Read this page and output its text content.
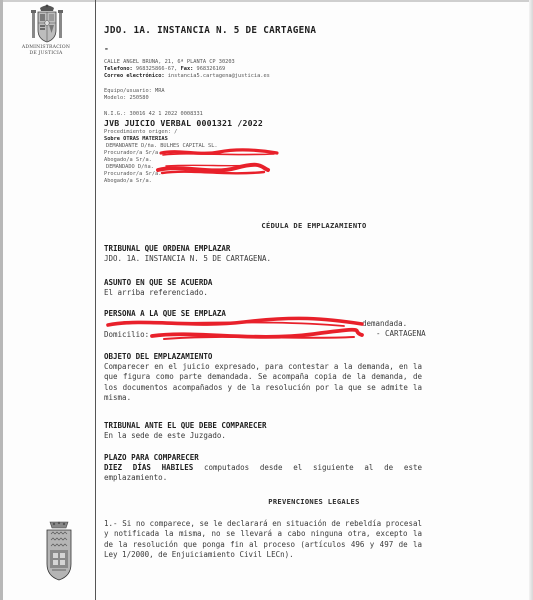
ADMINISTRACION
DE JUSTICIA
JDO. 1A. INSTANCIA N. 5 DE CARTAGENA
-
CALLE ANGEL BRUNA, 21, 6ª PLANTA CP 30203
Telefono: 968325866-67, Fax: 968326169
Correo electrónico: instancia5.cartagena@justicia.es
Equipo/usuario: MRA
Modelo: 250580
N.I.G.: 30016 42 1 2022 0008331
JVB JUICIO VERBAL 0001321 /2022
Procedimiento origen: /
Sobre OTRAS MATERIAS
DEMANDANTE D/ña. BULHES CAPITAL SL.
Procurador/a Sr/a.
Abogado/a Sr/a.
DEMANDADO D/ña.
Procurador/a Sr/a.
Abogado/a Sr/a.
CÉDULA DE EMPLAZAMIENTO
TRIBUNAL QUE ORDENA EMPLAZAR
JDO. 1A. INSTANCIA N. 5 DE CARTAGENA.
ASUNTO EN QUE SE ACUERDA
El arriba referenciado.
PERSONA A LA QUE SE EMPLAZA
demandada.
Domicilio:	- CARTAGENA
OBJETO DEL EMPLAZAMIENTO
Comparecer en el juicio expresado, para contestar a la demanda, en la que figura como parte demandada. Se acompaña copia de la demanda, de los documentos acompañados y de la resolución por la que se admite la misma.
TRIBUNAL ANTE EL QUE DEBE COMPARECER
En la sede de este Juzgado.
PLAZO PARA COMPARECER
DIEZ DÍAS HABILES computados desde el siguiente al de este emplazamiento.
PREVENCIONES LEGALES
1.- Si no comparece, se le declarará en situación de rebeldía procesal y notificada la misma, no se llevará a cabo ninguna otra, excepto la de la resolución que ponga fin al proceso (artículos 496 y 497 de la Ley 1/2000, de Enjuiciamiento Civil LECn).
